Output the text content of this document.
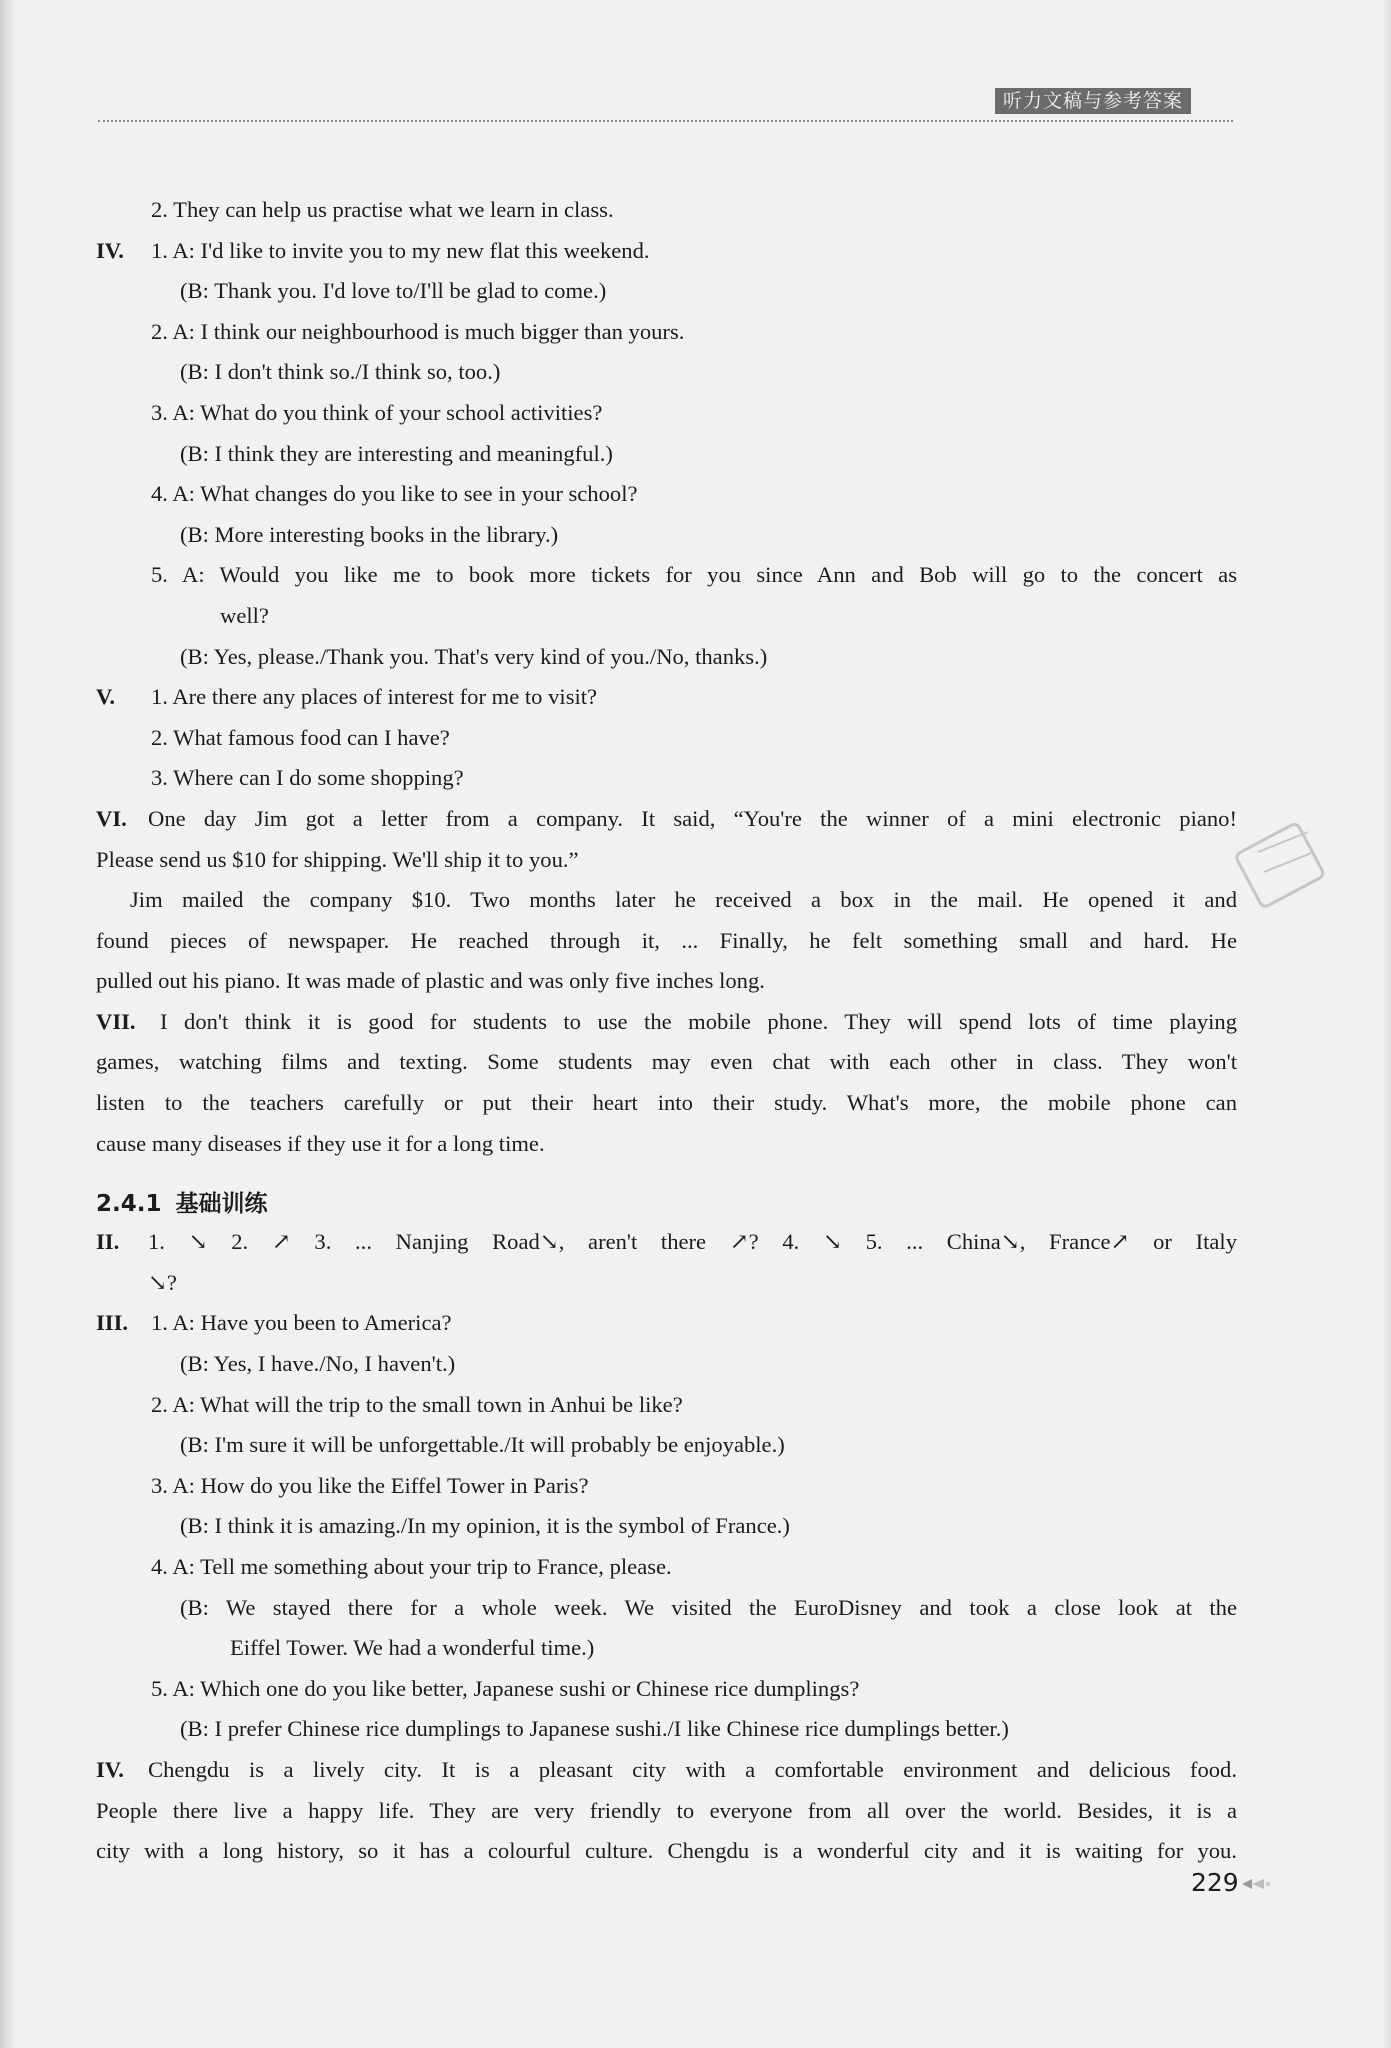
听力文稿与参考答案
2. They can help us practise what we learn in class.
IV.	1. A: I'd like to invite you to my new flat this weekend.
(B: Thank you. I'd love to/I'll be glad to come.)
2. A: I think our neighbourhood is much bigger than yours.
(B: I don't think so./I think so, too.)
3. A: What do you think of your school activities?
(B: I think they are interesting and meaningful.)
4. A: What changes do you like to see in your school?
(B: More interesting books in the library.)
5. A: Would you like me to book more tickets for you since Ann and Bob will go to the concert as
well?
(B: Yes, please./Thank you. That's very kind of you./No, thanks.)
V.	1. Are there any places of interest for me to visit?
2. What famous food can I have?
3. Where can I do some shopping?
VI. One day Jim got a letter from a company. It said, “You're the winner of a mini electronic piano!
Please send us $10 for shipping. We'll ship it to you.”
Jim mailed the company $10. Two months later he received a box in the mail. He opened it and
found pieces of newspaper. He reached through it, ... Finally, he felt something small and hard. He
pulled out his piano. It was made of plastic and was only five inches long.
VII.	I don't think it is good for students to use the mobile phone. They will spend lots of time playing
games, watching films and texting. Some students may even chat with each other in class. They won't
listen to the teachers carefully or put their heart into their study. What's more, the mobile phone can
cause many diseases if they use it for a long time.
2.4.1 基础训练
II.	1. ↘ 2. ↗ 3. ... Nanjing Road↘, aren't there ↗? 4. ↘ 5. ... China↘, France↗ or Italy
↘?
III.	1. A: Have you been to America?
(B: Yes, I have./No, I haven't.)
2. A: What will the trip to the small town in Anhui be like?
(B: I'm sure it will be unforgettable./It will probably be enjoyable.)
3. A: How do you like the Eiffel Tower in Paris?
(B: I think it is amazing./In my opinion, it is the symbol of France.)
4. A: Tell me something about your trip to France, please.
(B: We stayed there for a whole week. We visited the EuroDisney and took a close look at the
Eiffel Tower. We had a wonderful time.)
5. A: Which one do you like better, Japanese sushi or Chinese rice dumplings?
(B: I prefer Chinese rice dumplings to Japanese sushi./I like Chinese rice dumplings better.)
IV.	Chengdu is a lively city. It is a pleasant city with a comfortable environment and delicious food.
People there live a happy life. They are very friendly to everyone from all over the world. Besides, it is a
city with a long history, so it has a colourful culture. Chengdu is a wonderful city and it is waiting for you.
229
